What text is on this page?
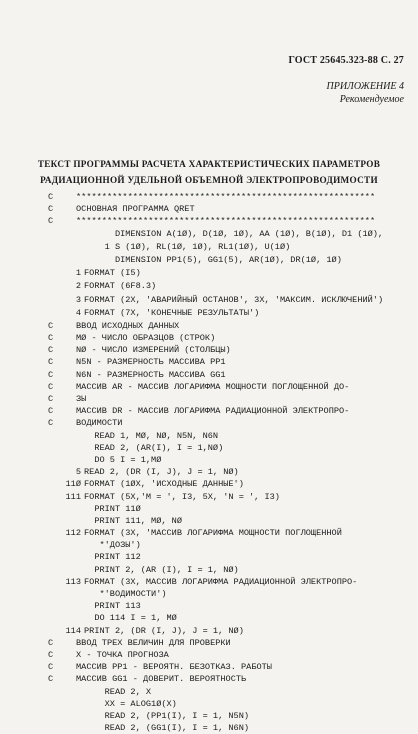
ГОСТ 25645.323-88 С. 27
ПРИЛОЖЕНИЕ 4
Рекомендуемое
ТЕКСТ ПРОГРАММЫ РАСЧЕТА ХАРАКТЕРИСТИЧЕСКИХ ПАРАМЕТРОВ
РАДИАЦИОННОЙ УДЕЛЬНОЙ ОБЪЕМНОЙ ЭЛЕКТРОПРОВОДИМОСТИ
C	**********************************************************
C	ОСНОВНАЯ ПРОГРАММА QRET
C	**********************************************************
DIMENSION A(1Ø), D(1Ø, 1Ø), AA (1Ø), B(1Ø), D1 (1Ø),
1 S (1Ø), RL(1Ø, 1Ø), RL1(1Ø), U(1Ø)
DIMENSION PP1(5), GG1(5), AR(1Ø), DR(1Ø, 1Ø)
1 FORMAT (I5)
2 FORMAT (6F8.3)
3 FORMAT (2X, 'АВАРИЙНЫЙ ОСТАНОВ', 3X, 'МАКСИМ. ИСКЛЮЧЕНИЙ')
4 FORMAT (7X, 'КОНЕЧНЫЕ РЕЗУЛЬТАТЫ')
C	ВВОД ИСХОДНЫХ ДАННЫХ
C	MØ - ЧИСЛО ОБРАЗЦОВ (СТРОК)
C	NØ - ЧИСЛО ИЗМЕРЕНИЙ (СТОЛБЦЫ)
C	N5N - РАЗМЕРНОСТЬ МАССИВА PP1
C	N6N - РАЗМЕРНОСТЬ МАССИВА GG1
C	МАССИВ AR - МАССИВ ЛОГАРИФМА МОЩНОСТИ ПОГЛОЩЕННОЙ ДО-
C	ЗЫ
C	МАССИВ DR - МАССИВ ЛОГАРИФМА РАДИАЦИОННОЙ ЭЛЕКТРОПРО-
C	ВОДИМОСТИ
READ 1, MØ, NØ, N5N, N6N
READ 2, (AR(I), I = 1,NØ)
DO 5 I = 1,MØ
5 READ 2, (DR (I, J), J = 1, NØ)
11Ø FORMAT (1ØX, 'ИСХОДНЫЕ ДАННЫЕ')
111 FORMAT (5X,'M = ', I3, 5X, 'N = ', I3)
PRINT 11Ø
PRINT 111, MØ, NØ
112 FORMAT (3X, 'МАССИВ ЛОГАРИФМА МОЩНОСТИ ПОГЛОЩЕННОЙ
*'ДОЗЫ')
PRINT 112
PRINT 2, (AR (I), I = 1, NØ)
113 FORMAT (3X, МАССИВ ЛОГАРИФМА РАДИАЦИОННОЙ ЭЛЕКТРОПРО-
*'ВОДИМОСТИ')
PRINT 113
DO 114 I = 1, MØ
114 PRINT 2, (DR (I, J), J = 1, NØ)
C	ВВОД ТРЕХ ВЕЛИЧИН ДЛЯ ПРОВЕРКИ
C	X - ТОЧКА ПРОГНОЗА
C	МАССИВ PP1 - ВЕРОЯТН. БЕЗОТКАЗ. РАБОТЫ
C	МАССИВ GG1 - ДОВЕРИТ. ВЕРОЯТНОСТЬ
READ 2, X
XX = ALOG1Ø(X)
READ 2, (PP1(I), I = 1, N5N)
READ 2, (GG1(I), I = 1, N6N)
